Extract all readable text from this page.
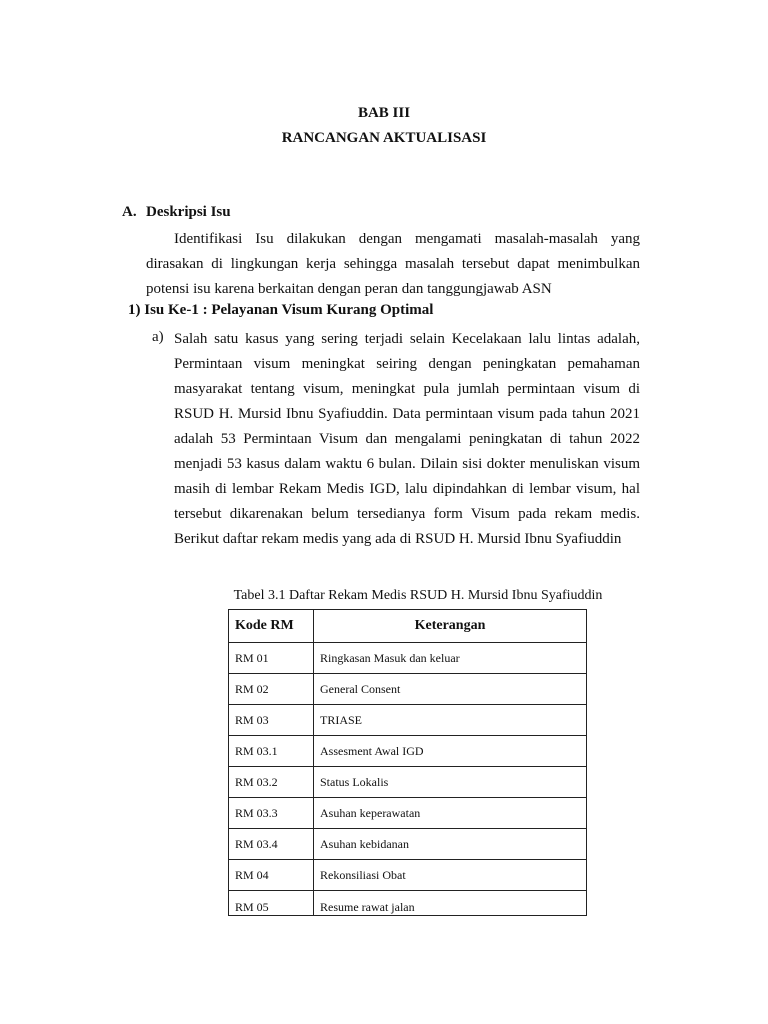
BAB III
RANCANGAN AKTUALISASI
A. Deskripsi Isu
Identifikasi Isu dilakukan dengan mengamati masalah-masalah yang dirasakan di lingkungan kerja sehingga masalah tersebut dapat menimbulkan potensi isu karena berkaitan dengan peran dan tanggungjawab ASN
1) Isu Ke-1 : Pelayanan Visum Kurang Optimal
a) Salah satu kasus yang sering terjadi selain Kecelakaan lalu lintas adalah, Permintaan visum meningkat seiring dengan peningkatan pemahaman masyarakat tentang visum, meningkat pula jumlah permintaan visum di RSUD H. Mursid Ibnu Syafiuddin. Data permintaan visum pada tahun 2021 adalah 53 Permintaan Visum dan mengalami peningkatan di tahun 2022 menjadi 53 kasus dalam waktu 6 bulan. Dilain sisi dokter menuliskan visum masih di lembar Rekam Medis IGD, lalu dipindahkan di lembar visum, hal tersebut dikarenakan belum tersedianya form Visum pada rekam medis. Berikut daftar rekam medis yang ada di RSUD H. Mursid Ibnu Syafiuddin
Tabel 3.1 Daftar Rekam Medis RSUD H. Mursid Ibnu Syafiuddin
Kode RM	Keterangan
RM 01	Ringkasan Masuk dan keluar
RM 02	General Consent
RM 03	TRIASE
RM 03.1	Assesment Awal IGD
RM 03.2	Status Lokalis
RM 03.3	Asuhan keperawatan
RM 03.4	Asuhan kebidanan
RM 04	Rekonsiliasi Obat
RM 05	Resume rawat jalan
